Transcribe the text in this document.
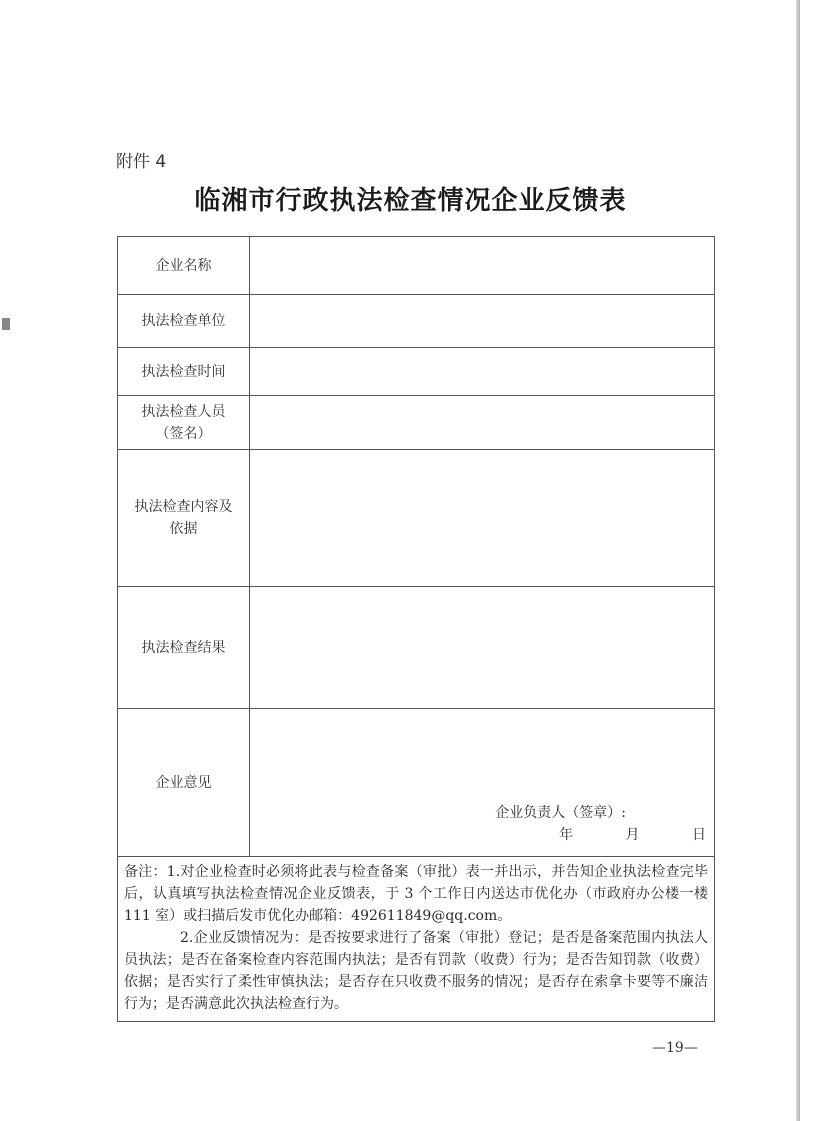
附件 4
临湘市行政执法检查情况企业反馈表
企业名称	
执法检查单位	
执法检查时间	

执法检查人员
（签名）	

执法检查内容及
依据	

执法检查结果	
企业意见	企业负责人（签章）:
年 月 日

备注：1.对企业检查时必须将此表与检查备案（审批）表一并出示，并告知企业执法检查完毕后，认真填写执法检查情况企业反馈表，于 3 个工作日内送达市优化办（市政府办公楼一楼 111 室）或扫描后发市优化办邮箱：492611849@qq.com。

2.企业反馈情况为：是否按要求进行了备案（审批）登记；是否是备案范围内执法人员执法；是否在备案检查内容范围内执法；是否有罚款（收费）行为；是否告知罚款（收费）依据；是否实行了柔性审慎执法；是否存在只收费不服务的情况；是否存在索拿卡要等不廉洁行为；是否满意此次执法检查行为。	

—19—
